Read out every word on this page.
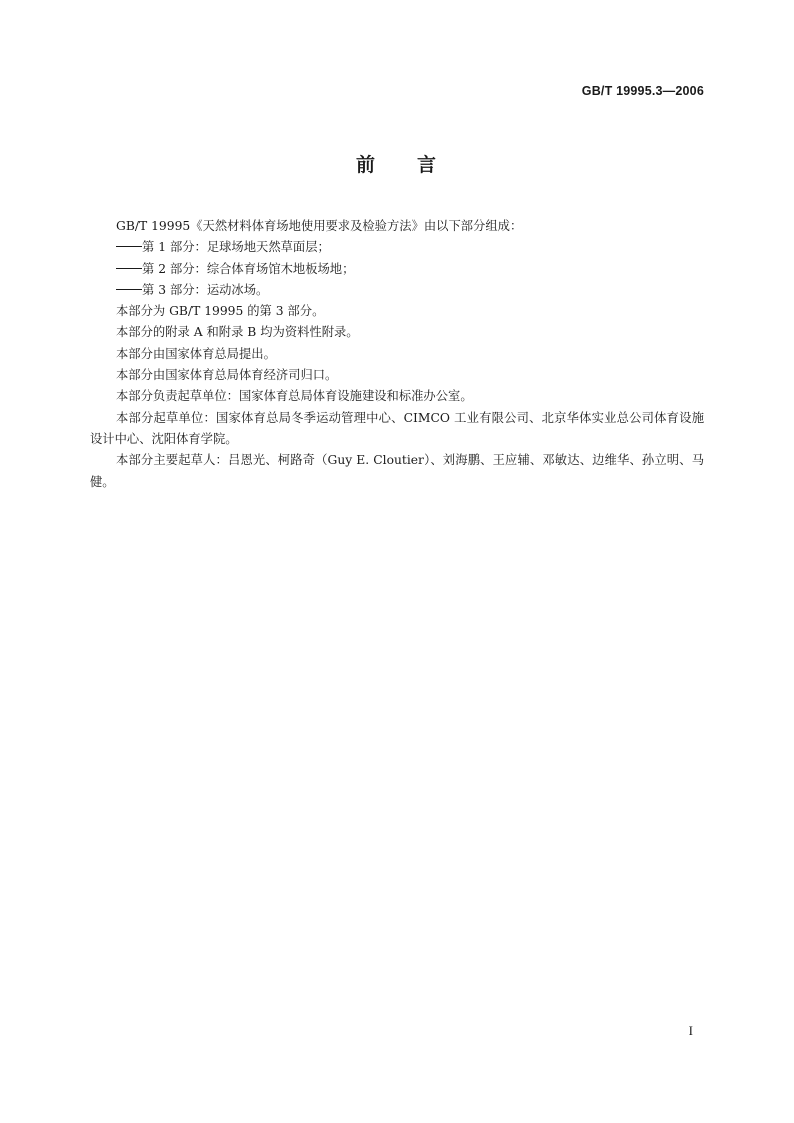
GB/T 19995.3—2006
前 言

GB/T 19995《天然材料体育场地使用要求及检验方法》由以下部分组成：

第 1 部分：足球场地天然草面层；

第 2 部分：综合体育场馆木地板场地；

第 3 部分：运动冰场。

本部分为 GB/T 19995 的第 3 部分。

本部分的附录 A 和附录 B 均为资料性附录。

本部分由国家体育总局提出。

本部分由国家体育总局体育经济司归口。

本部分负责起草单位：国家体育总局体育设施建设和标准办公室。

本部分起草单位：国家体育总局冬季运动管理中心、CIMCO 工业有限公司、北京华体实业总公司体育设施设计中心、沈阳体育学院。

本部分主要起草人：吕恩光、柯路奇（Guy E. Cloutier）、刘海鹏、王应辅、邓敏达、边维华、孙立明、马健。

I
